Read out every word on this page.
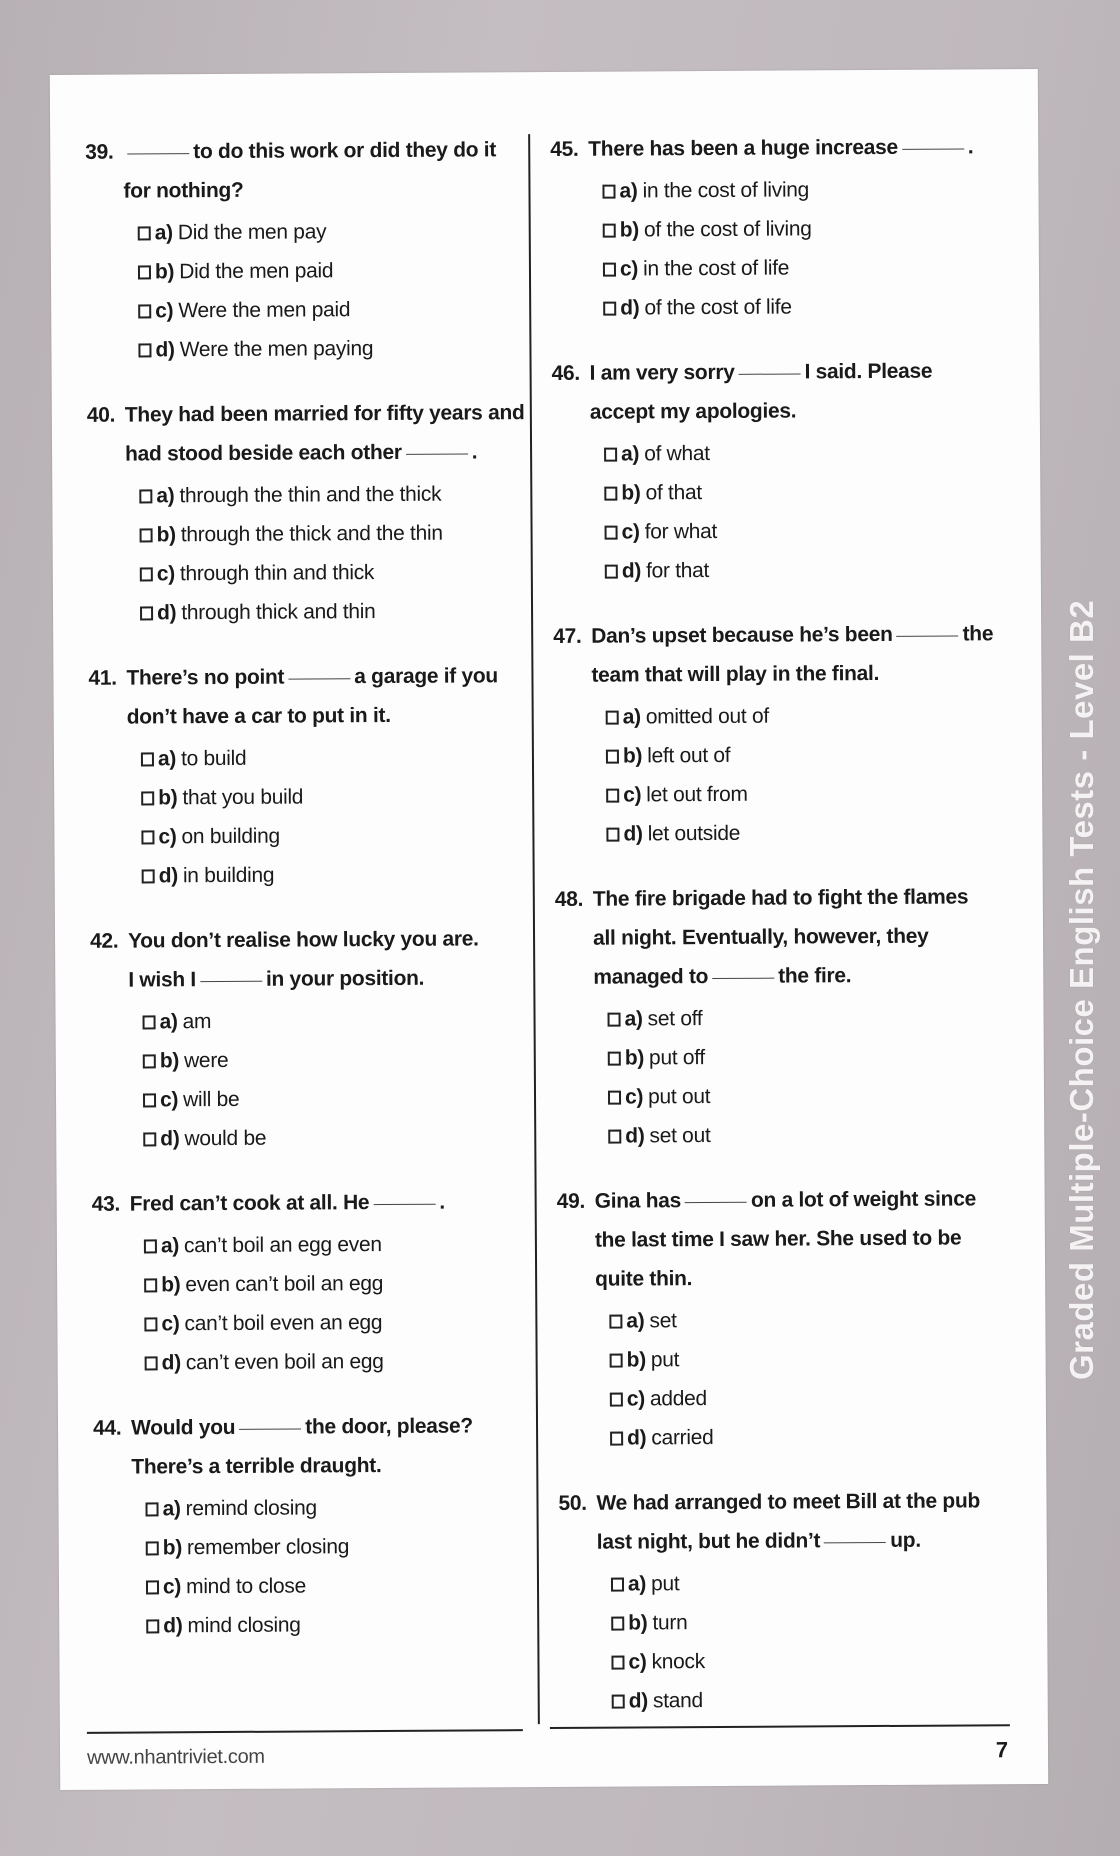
39.	to do this work or did they do it
for nothing?
a) Did the men pay
b) Did the men paid
c) Were the men paid
d) Were the men paying
40. They had been married for fifty years and
had stood beside each other	.
a) through the thin and the thick
b) through the thick and the thin
c) through thin and thick
d) through thick and thin
41. There’s no point	a garage if you
don’t have a car to put in it.
a) to build
b) that you build
c) on building
d) in building
42. You don’t realise how lucky you are.
I wish I	in your position.
a) am
b) were
c) will be
d) would be
43. Fred can’t cook at all. He	.
a) can’t boil an egg even
b) even can’t boil an egg
c) can’t boil even an egg
d) can’t even boil an egg
44. Would you	the door, please?
There’s a terrible draught.
a) remind closing
b) remember closing
c) mind to close
d) mind closing
45. There has been a huge increase	.
a) in the cost of living
b) of the cost of living
c) in the cost of life
d) of the cost of life
46. I am very sorry	I said. Please
accept my apologies.
a) of what
b) of that
c) for what
d) for that
47. Dan’s upset because he’s been	the
team that will play in the final.
a) omitted out of
b) left out of
c) let out from
d) let outside
48. The fire brigade had to fight the flames
all night. Eventually, however, they
managed to	the fire.
a) set off
b) put off
c) put out
d) set out
49. Gina has	on a lot of weight since
the last time I saw her. She used to be
quite thin.
a) set
b) put
c) added
d) carried
50. We had arranged to meet Bill at the pub
last night, but he didn’t	up.
a) put
b) turn
c) knock
d) stand
www.nhantriviet.com	7
Graded Multiple-Choice English Tests - Level B2
